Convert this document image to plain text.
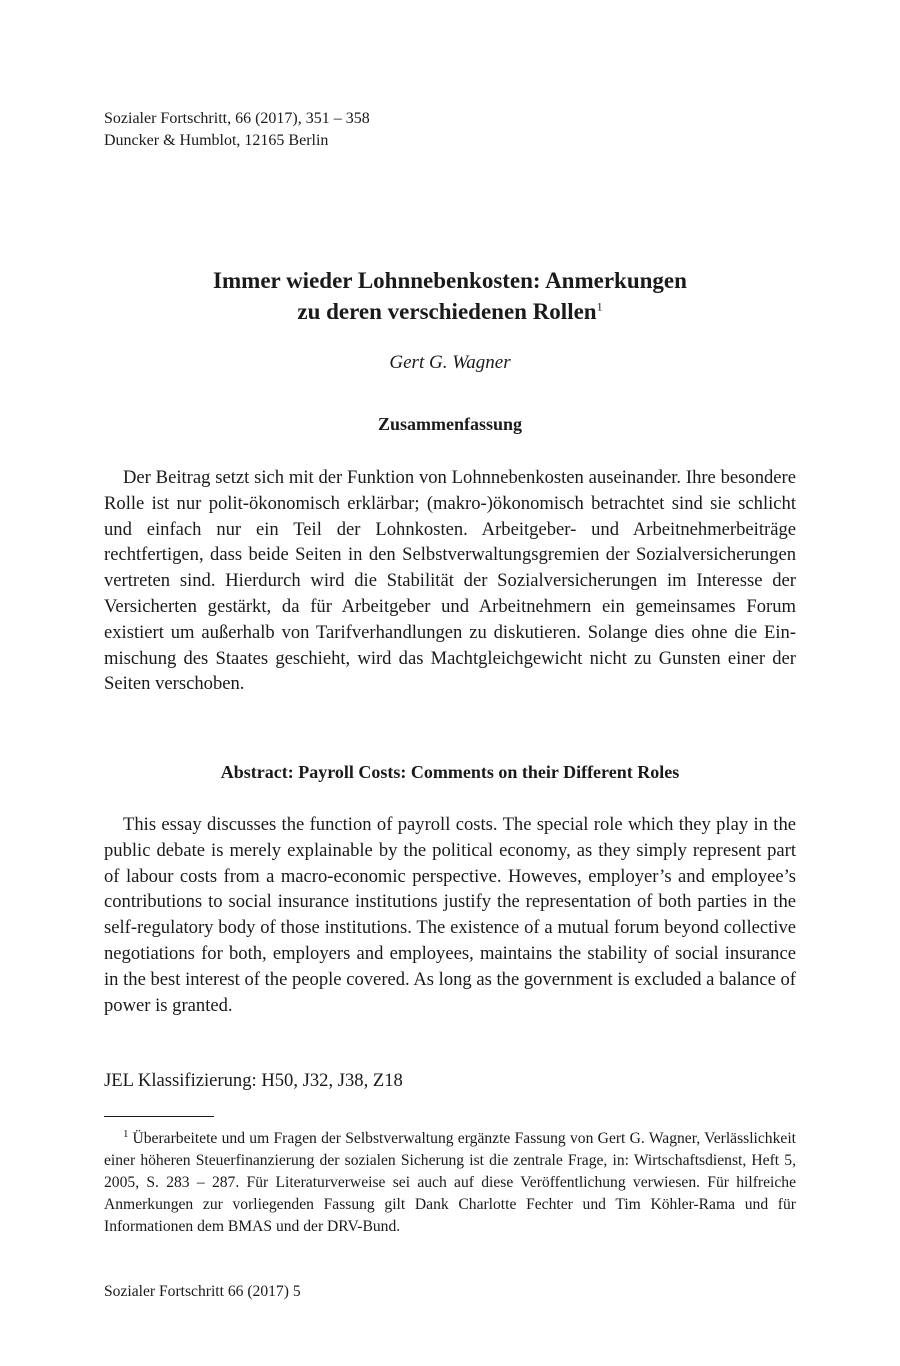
Sozialer Fortschritt, 66 (2017), 351 – 358
Duncker & Humblot, 12165 Berlin
Immer wieder Lohnnebenkosten: Anmerkungen
zu deren verschiedenen Rollen$^1$
Gert G. Wagner
Zusammenfassung

Der Beitrag setzt sich mit der Funktion von Lohnnebenkosten auseinander. Ihre besondere Rolle ist nur polit-ökonomisch erklärbar; (makro-)ökonomisch betrachtet sind sie schlicht und einfach nur ein Teil der Lohnkosten. Arbeitgeber- und Arbeitnehmerbeiträge rechtfertigen, dass beide Seiten in den Selbstverwaltungsgremien der Sozialversicherungen vertreten sind. Hierdurch wird die Stabilität der Sozialversicherungen im Interesse der Versicherten gestärkt, da für Arbeitgeber und Arbeitnehmern ein gemeinsames Forum existiert um außerhalb von Tarifverhandlungen zu diskutieren. Solange dies ohne die Einmischung des Staates geschieht, wird das Machtgleichgewicht nicht zu Gunsten einer der Seiten verschoben.

Abstract: Payroll Costs: Comments on their Different Roles

This essay discusses the function of payroll costs. The special role which they play in the public debate is merely explainable by the political economy, as they simply represent part of labour costs from a macro-economic perspective. Howeves, employer’s and employee’s contributions to social insurance institutions justify the representation of both parties in the self-regulatory body of those institutions. The existence of a mutual forum beyond collective negotiations for both, employers and employees, maintains the stability of social insurance in the best interest of the people covered. As long as the government is excluded a balance of power is granted.

JEL Klassifizierung: H50, J32, J38, Z18

$^1$ Überarbeitete und um Fragen der Selbstverwaltung ergänzte Fassung von Gert G. Wagner, Verlässlichkeit einer höheren Steuerfinanzierung der sozialen Sicherung ist die zentrale Frage, in: Wirtschaftsdienst, Heft 5, 2005, S. 283 – 287. Für Literaturverweise sei auch auf diese Veröffentlichung verwiesen. Für hilfreiche Anmerkungen zur vorliegenden Fassung gilt Dank Charlotte Fechter und Tim Köhler-Rama und für Informationen dem BMAS und der DRV-Bund.

Sozialer Fortschritt 66 (2017) 5
